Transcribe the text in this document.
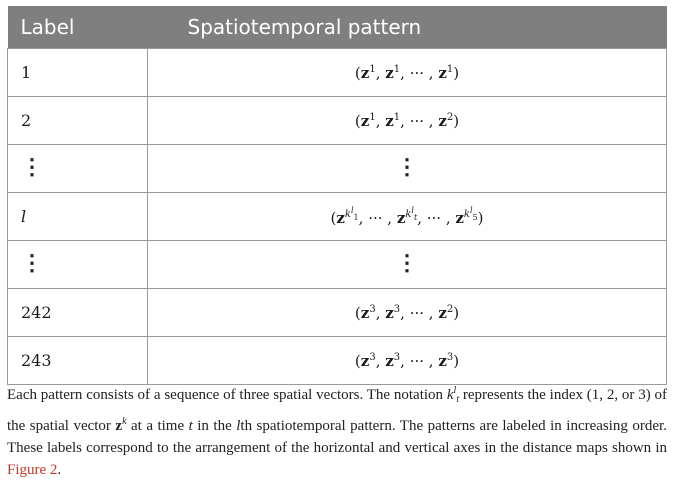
Label	Spatiotemporal pattern
1	($z^1$, $z^1$, ··· , $z^1$)
2	($z^1$, $z^1$, ··· , $z^2$)
⋮	⋮
l	($z^{k^l_1}$, ··· , $z^{k^l_t}$, ··· , $z^{k^l_5}$)
⋮	⋮
242	($z^3$, $z^3$, ··· , $z^2$)
243	($z^3$, $z^3$, ··· , $z^3$)

Each pattern consists of a sequence of three spatial vectors. The notation $k^l_t$ represents the index (1, 2, or 3) of the spatial vector $z^k$ at a time t in the lth spatiotemporal pattern. The patterns are labeled in increasing order. These labels correspond to the arrangement of the horizontal and vertical axes in the distance maps shown in Figure 2.
